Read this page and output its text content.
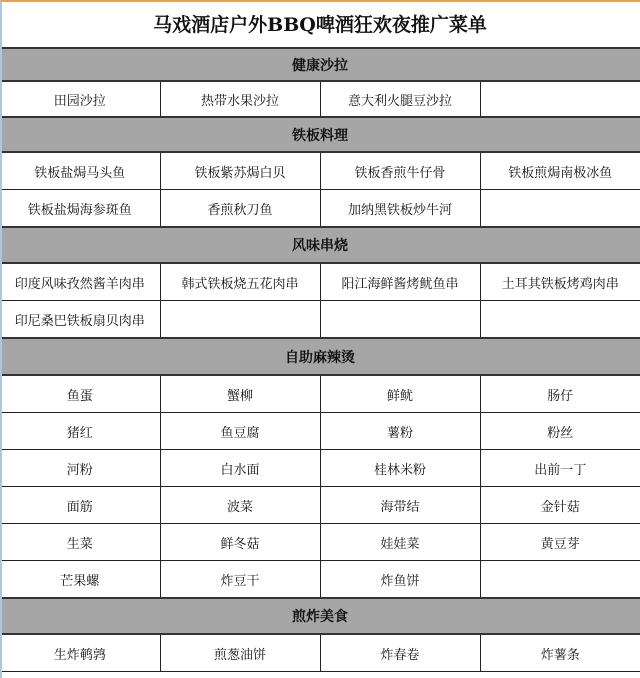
马戏酒店户外BBQ啤酒狂欢夜推广菜单			
健康沙拉			
田园沙拉	热带水果沙拉	意大利火腿豆沙拉	
铁板料理			
铁板盐焗马头鱼	铁板紫苏焗白贝	铁板香煎牛仔骨	铁板煎焗南极冰鱼
铁板盐焗海参斑鱼	香煎秋刀鱼	加纳黑铁板炒牛河	
风味串烧			
印度风味孜然酱羊肉串	韩式铁板烧五花肉串	阳江海鲜酱烤鱿鱼串	土耳其铁板烤鸡肉串
印尼桑巴铁板扇贝肉串			
自助麻辣烫			
鱼蛋	蟹柳	鲜鱿	肠仔
猪红	鱼豆腐	薯粉	粉丝
河粉	白水面	桂林米粉	出前一丁
面筋	波菜	海带结	金针菇
生菜	鲜冬菇	娃娃菜	黄豆芽
芒果螺	炸豆干	炸鱼饼	
煎炸美食			
生炸鹌鹑	煎葱油饼	炸春卷	炸薯条
